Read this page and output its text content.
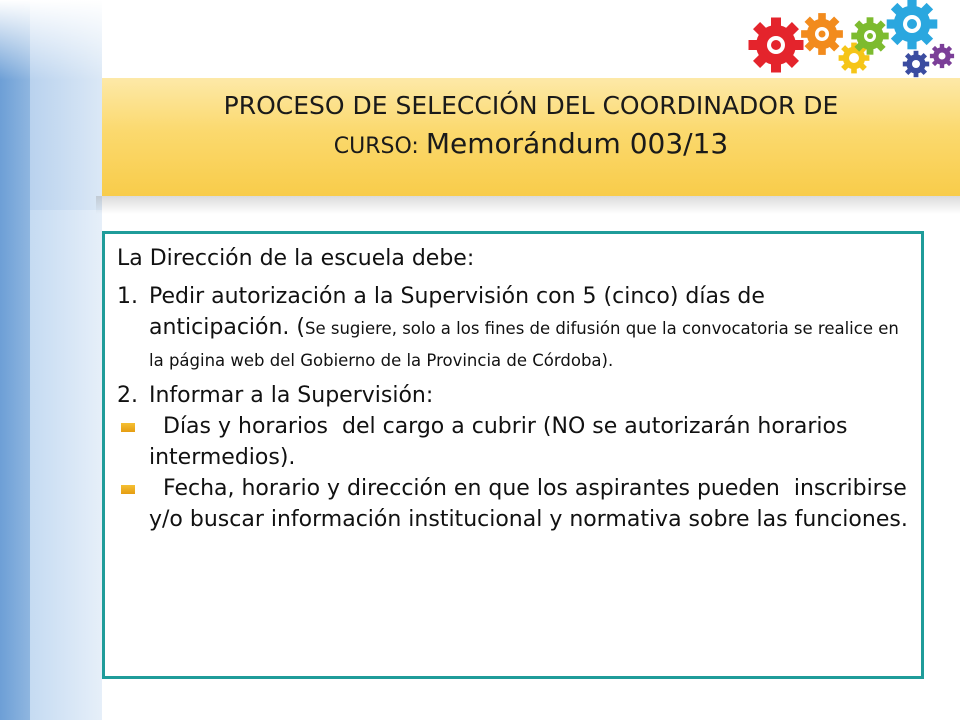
PROCESO DE SELECCIÓN DEL COORDINADOR DE
CURSO: Memorándum 003/13

La Dirección de la escuela debe:

1. Pedir autorización a la Supervisión con 5 (cinco) días de anticipación. (Se sugiere, solo a los fines de difusión que la convocatoria se realice en la página web del Gobierno de la Provincia de Córdoba).
2. Informar a la Supervisión:
Días y horarios  del cargo a cubrir (NO se autorizarán horarios intermedios).
Fecha, horario y dirección en que los aspirantes pueden  inscribirse y/o buscar información institucional y normativa sobre las funciones.
